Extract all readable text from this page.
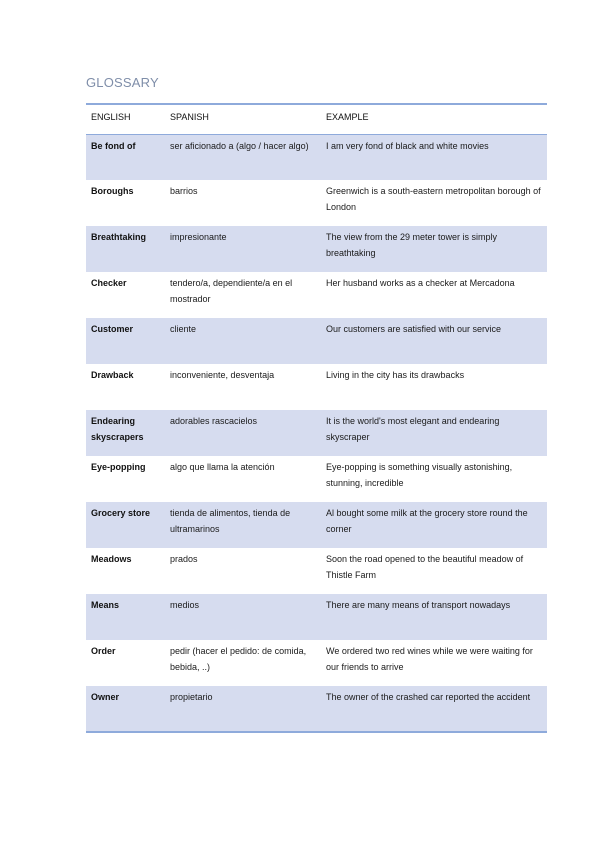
GLOSSARY
ENGLISH	SPANISH	EXAMPLE
Be fond of	ser aficionado a (algo / hacer algo)	I am very fond of black and white movies
Boroughs	barrios	Greenwich is a south-eastern metropolitan borough of London
Breathtaking	impresionante	The view from the 29 meter tower is simply breathtaking
Checker	tendero/a, dependiente/a en el mostrador	Her husband works as a checker at Mercadona
Customer	cliente	Our customers are satisfied with our service
Drawback	inconveniente, desventaja	Living in the city has its drawbacks
Endearing skyscrapers	adorables rascacielos	It is the world's most elegant and endearing skyscraper
Eye-popping	algo que llama la atención	Eye-popping is something visually astonishing, stunning, incredible
Grocery store	tienda de alimentos, tienda de ultramarinos	Al bought some milk at the grocery store round the corner
Meadows	prados	Soon the road opened to the beautiful meadow of Thistle Farm
Means	medios	There are many means of transport nowadays
Order	pedir (hacer el pedido: de comida, bebida, ..)	We ordered two red wines while we were waiting for our friends to arrive
Owner	propietario	The owner of the crashed car reported the accident
